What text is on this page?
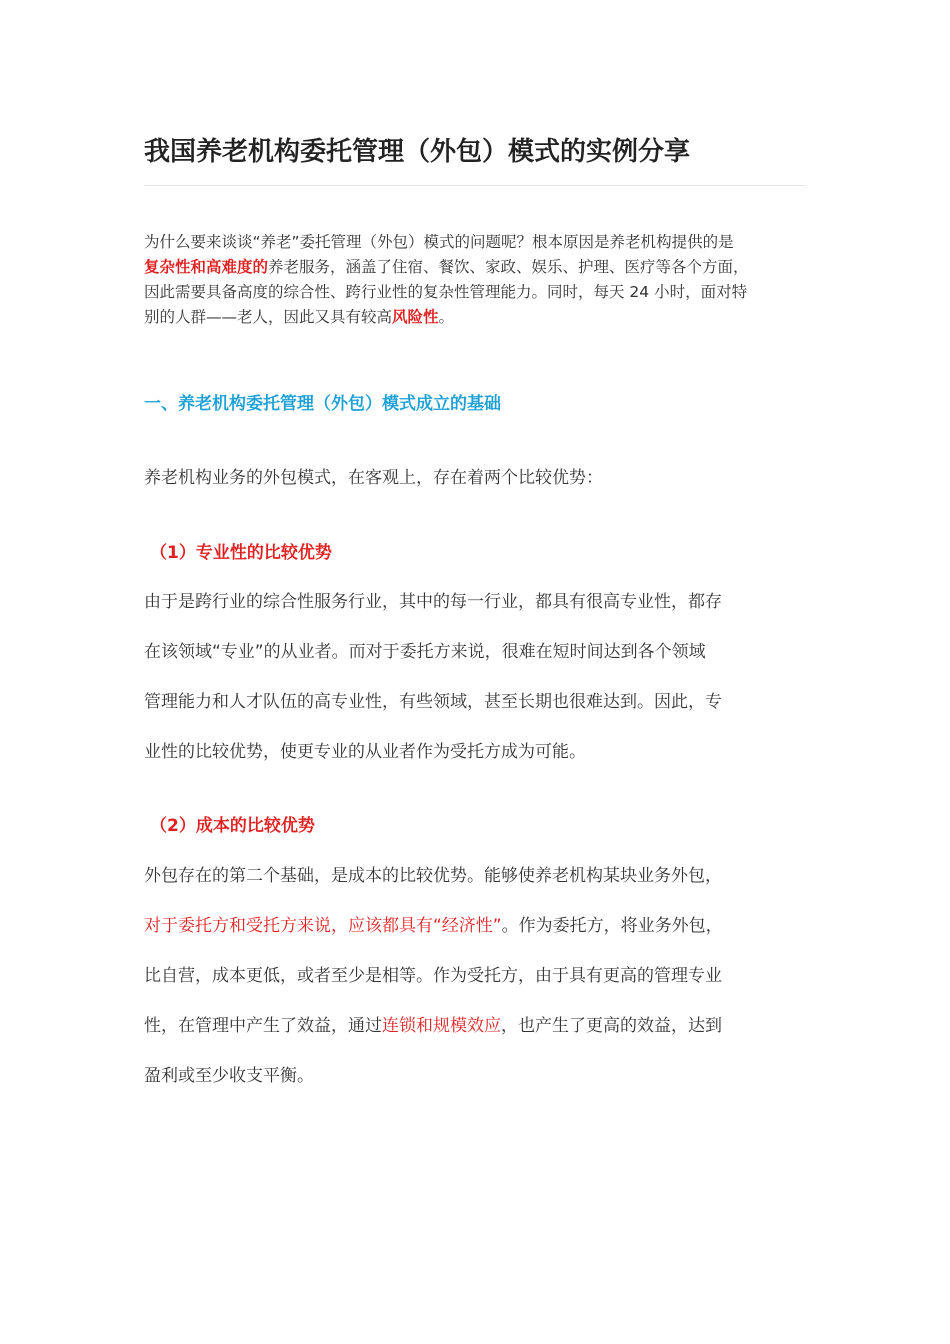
我国养老机构委托管理（外包）模式的实例分享

为什么要来谈谈“养老”委托管理（外包）模式的问题呢？根本原因是养老机构提供的是
复杂性和高难度的养老服务，涵盖了住宿、餐饮、家政、娱乐、护理、医疗等各个方面，
因此需要具备高度的综合性、跨行业性的复杂性管理能力。同时，每天 24 小时，面对特
别的人群——老人，因此又具有较高风险性。

一、养老机构委托管理（外包）模式成立的基础

养老机构业务的外包模式，在客观上，存在着两个比较优势：

（1）专业性的比较优势

由于是跨行业的综合性服务行业，其中的每一行业，都具有很高专业性，都存
在该领域“专业”的从业者。而对于委托方来说，很难在短时间达到各个领域
管理能力和人才队伍的高专业性，有些领域，甚至长期也很难达到。因此，专
业性的比较优势，使更专业的从业者作为受托方成为可能。

（2）成本的比较优势

外包存在的第二个基础，是成本的比较优势。能够使养老机构某块业务外包，
对于委托方和受托方来说，应该都具有“经济性”。作为委托方，将业务外包，
比自营，成本更低，或者至少是相等。作为受托方，由于具有更高的管理专业
性，在管理中产生了效益，通过连锁和规模效应，也产生了更高的效益，达到
盈利或至少收支平衡。
